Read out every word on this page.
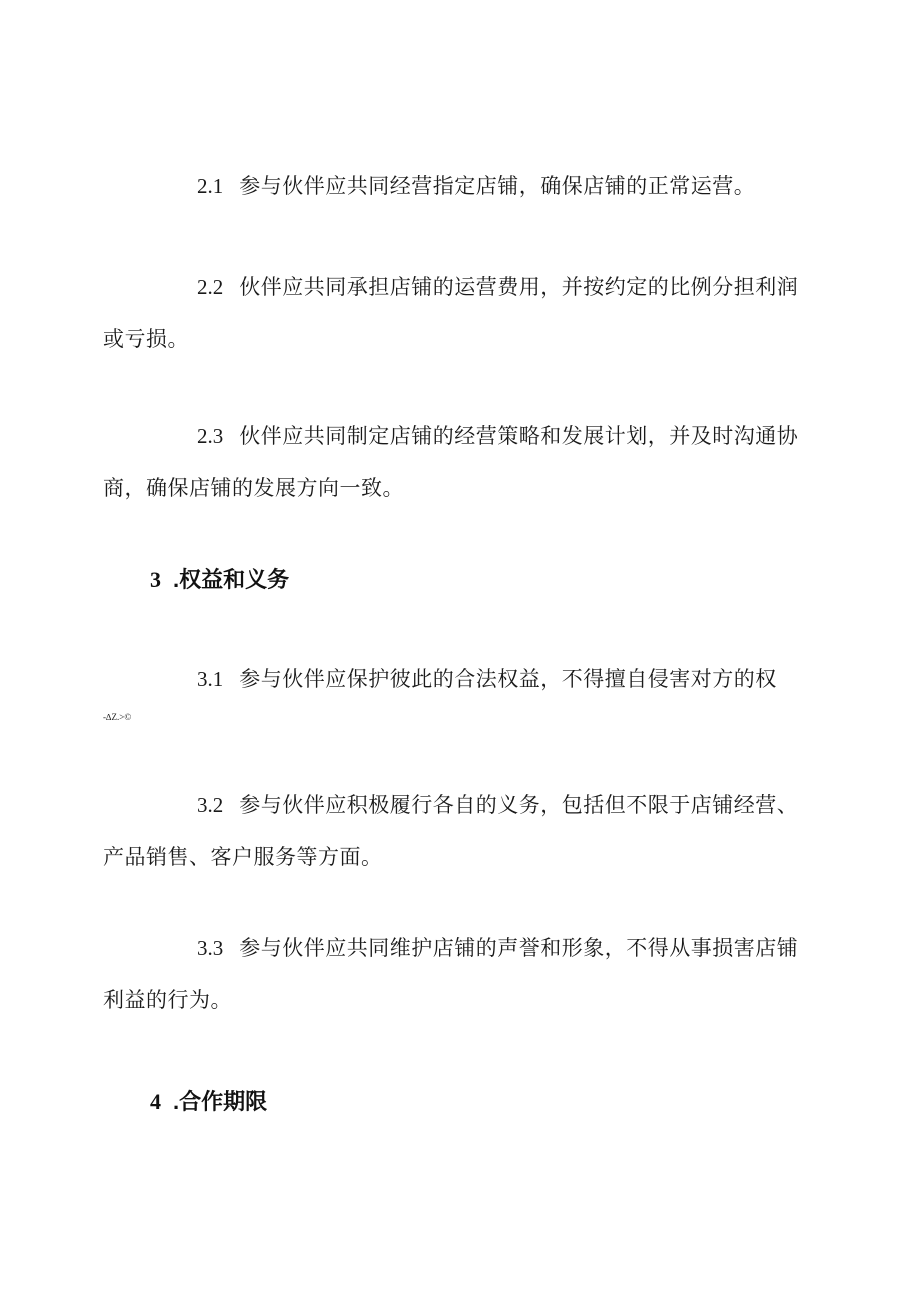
2.1 参与伙伴应共同经营指定店铺，确保店铺的正常运营。

2.2 伙伴应共同承担店铺的运营费用，并按约定的比例分担利润或亏损。

2.3 伙伴应共同制定店铺的经营策略和发展计划，并及时沟通协商，确保店铺的发展方向一致。

3 .权益和义务

3.1 参与伙伴应保护彼此的合法权益，不得擅自侵害对方的权

-∆Z.>©

3.2 参与伙伴应积极履行各自的义务，包括但不限于店铺经营、产品销售、客户服务等方面。

3.3 参与伙伴应共同维护店铺的声誉和形象，不得从事损害店铺利益的行为。

4 .合作期限
